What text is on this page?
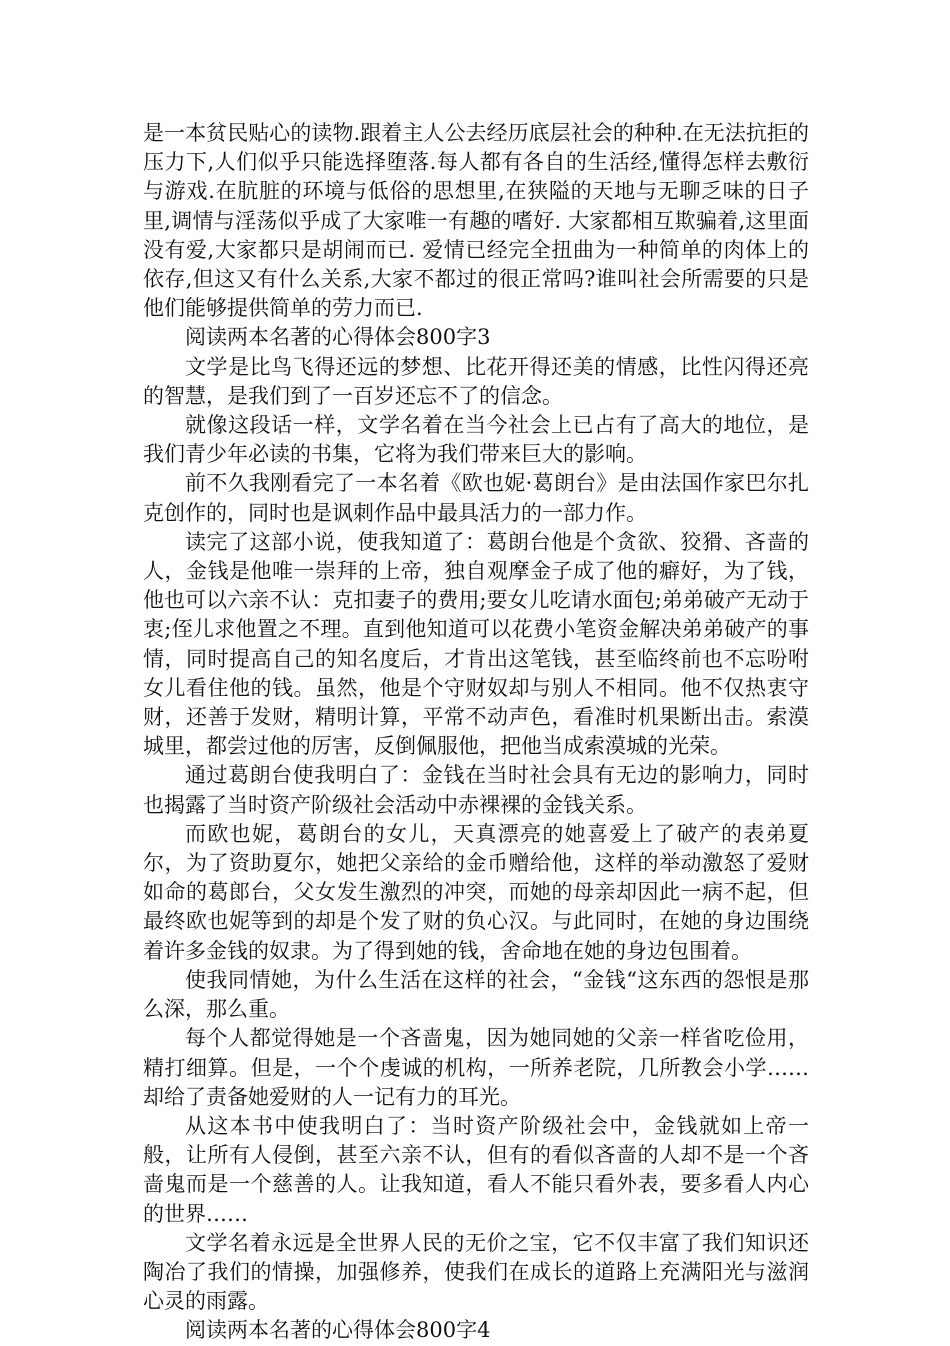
是一本贫民贴心的读物.跟着主人公去经历底层社会的种种.在无法抗拒的压力下,人们似乎只能选择堕落.每人都有各自的生活经,懂得怎样去敷衍与游戏.在肮脏的环境与低俗的思想里,在狭隘的天地与无聊乏味的日子里,调情与淫荡似乎成了大家唯一有趣的嗜好. 大家都相互欺骗着,这里面没有爱,大家都只是胡闹而已. 爱情已经完全扭曲为一种简单的肉体上的依存,但这又有什么关系,大家不都过的很正常吗?谁叫社会所需要的只是他们能够提供简单的劳力而已.

阅读两本名著的心得体会800字3

文学是比鸟飞得还远的梦想、比花开得还美的情感，比性闪得还亮的智慧，是我们到了一百岁还忘不了的信念。

就像这段话一样，文学名着在当今社会上已占有了高大的地位，是我们青少年必读的书集，它将为我们带来巨大的影响。

前不久我刚看完了一本名着《欧也妮·葛朗台》是由法国作家巴尔扎克创作的，同时也是讽刺作品中最具活力的一部力作。

读完了这部小说，使我知道了：葛朗台他是个贪欲、狡猾、吝啬的人，金钱是他唯一崇拜的上帝，独自观摩金子成了他的癖好，为了钱，他也可以六亲不认：克扣妻子的费用;要女儿吃请水面包;弟弟破产无动于衷;侄儿求他置之不理。直到他知道可以花费小笔资金解决弟弟破产的事情，同时提高自己的知名度后，才肯出这笔钱，甚至临终前也不忘吩咐女儿看住他的钱。虽然，他是个守财奴却与别人不相同。他不仅热衷守财，还善于发财，精明计算，平常不动声色，看准时机果断出击。索漠城里，都尝过他的厉害，反倒佩服他，把他当成索漠城的光荣。

通过葛朗台使我明白了：金钱在当时社会具有无边的影响力，同时也揭露了当时资产阶级社会活动中赤裸裸的金钱关系。

而欧也妮，葛朗台的女儿，天真漂亮的她喜爱上了破产的表弟夏尔，为了资助夏尔，她把父亲给的金币赠给他，这样的举动激怒了爱财如命的葛郎台，父女发生激烈的冲突，而她的母亲却因此一病不起，但最终欧也妮等到的却是个发了财的负心汉。与此同时，在她的身边围绕着许多金钱的奴隶。为了得到她的钱，舍命地在她的身边包围着。

使我同情她，为什么生活在这样的社会，“金钱“这东西的怨恨是那么深，那么重。

每个人都觉得她是一个吝啬鬼，因为她同她的父亲一样省吃俭用，精打细算。但是，一个个虔诚的机构，一所养老院，几所教会小学……却给了责备她爱财的人一记有力的耳光。

从这本书中使我明白了：当时资产阶级社会中，金钱就如上帝一般，让所有人侵倒，甚至六亲不认，但有的看似吝啬的人却不是一个吝啬鬼而是一个慈善的人。让我知道，看人不能只看外表，要多看人内心的世界……

文学名着永远是全世界人民的无价之宝，它不仅丰富了我们知识还陶冶了我们的情操，加强修养，使我们在成长的道路上充满阳光与滋润心灵的雨露。

阅读两本名著的心得体会800字4
